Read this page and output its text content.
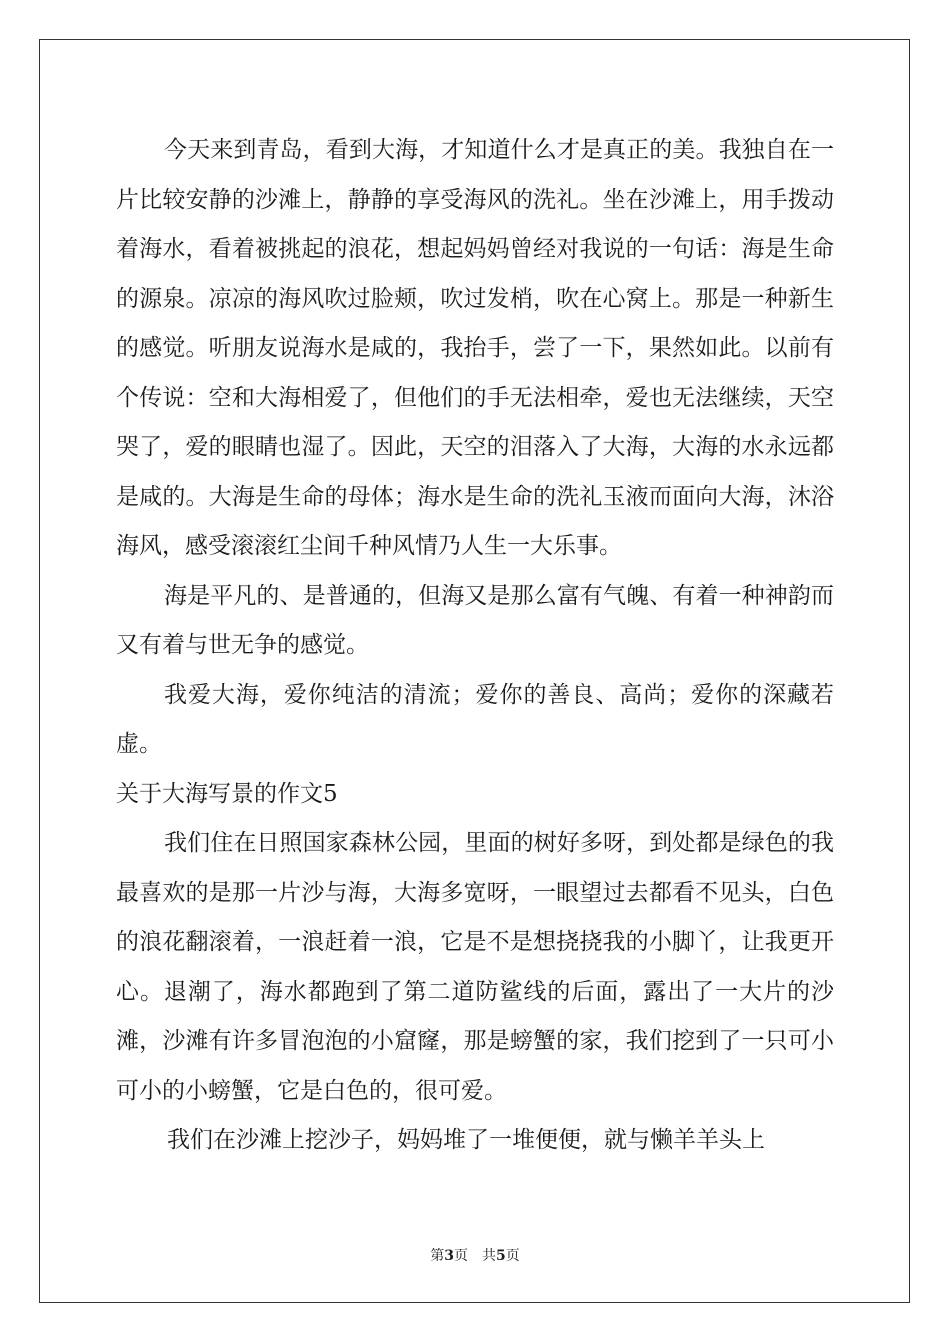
今天来到青岛，看到大海，才知道什么才是真正的美。我独自在一片比较安静的沙滩上，静静的享受海风的洗礼。坐在沙滩上，用手拨动着海水，看着被挑起的浪花，想起妈妈曾经对我说的一句话：海是生命的源泉。凉凉的海风吹过脸颊，吹过发梢，吹在心窝上。那是一种新生的感觉。听朋友说海水是咸的，我抬手，尝了一下，果然如此。以前有个传说：空和大海相爱了，但他们的手无法相牵，爱也无法继续，天空哭了，爱的眼睛也湿了。因此，天空的泪落入了大海，大海的水永远都是咸的。大海是生命的母体；海水是生命的洗礼玉液而面向大海，沐浴海风，感受滚滚红尘间千种风情乃人生一大乐事。

海是平凡的、是普通的，但海又是那么富有气魄、有着一种神韵而又有着与世无争的感觉。

我爱大海，爱你纯洁的清流；爱你的善良、高尚；爱你的深藏若虚。

关于大海写景的作文5

我们住在日照国家森林公园，里面的树好多呀，到处都是绿色的我最喜欢的是那一片沙与海，大海多宽呀，一眼望过去都看不见头，白色的浪花翻滚着，一浪赶着一浪，它是不是想挠挠我的小脚丫，让我更开心。退潮了，海水都跑到了第二道防鲨线的后面，露出了一大片的沙滩，沙滩有许多冒泡泡的小窟窿，那是螃蟹的家，我们挖到了一只可小可小的小螃蟹，它是白色的，很可爱。

我们在沙滩上挖沙子，妈妈堆了一堆便便，就与懒羊羊头上

第3页　共5页
